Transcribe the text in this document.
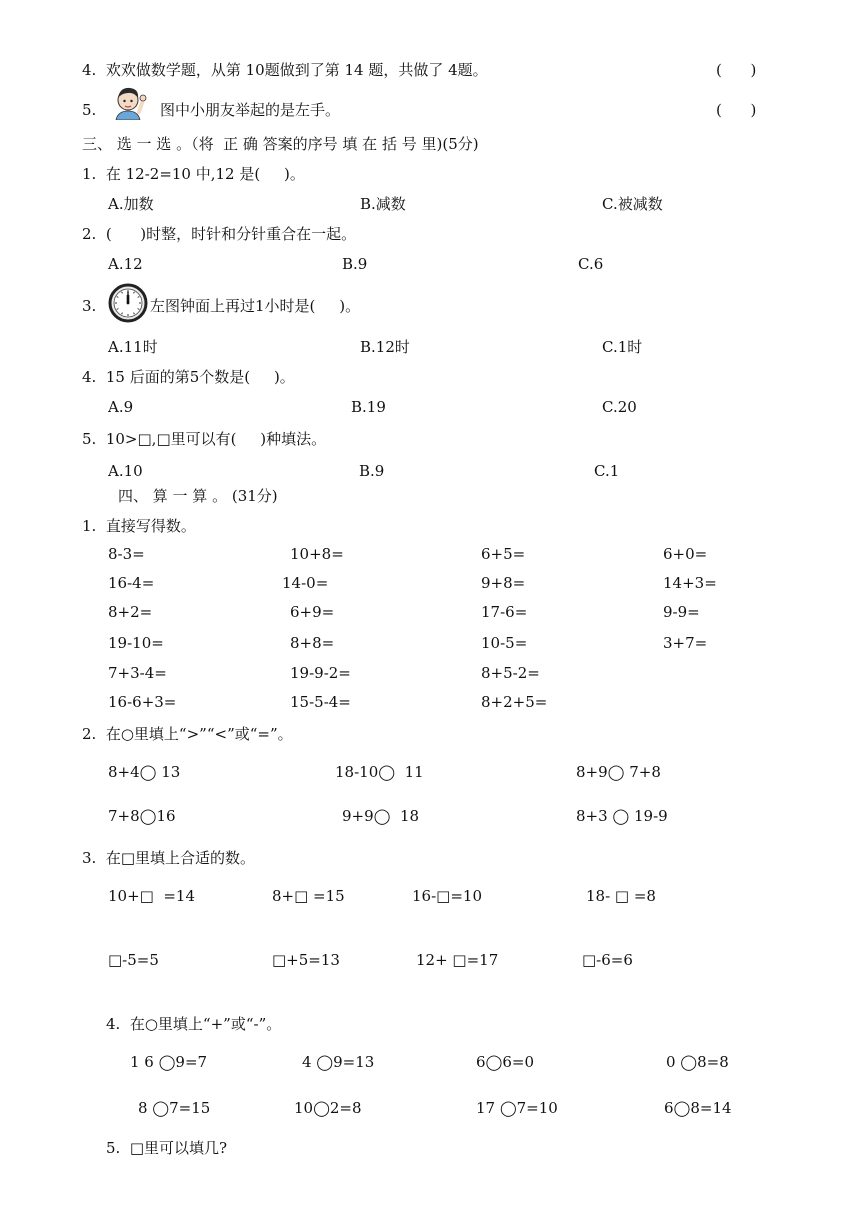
4.  欢欢做数学题，从第 10题做到了第 14 题，共做了 4题。	(      )
5.	图中小朋友举起的是左手。	(      )
三、 选 一 选 。（将  正 确 答案的序号 填 在 括 号 里)(5分)
1.  在 12-2=10 中,12 是(     )。
A.加数	B.减数	C.被减数
2.  (      )时整，时针和分针重合在一起。
A.12	B.9	C.6
3.	左图钟面上再过1小时是(     )。
A.11时	B.12时	C.1时
4.  15 后面的第5个数是(     )。
A.9	B.19	C.20
5.  10>□,□里可以有(     )种填法。
A.10	B.9	C.1
四、 算 一 算 。 (31分)
1.  直接写得数。
8-3=	10+8=	6+5=	6+0=
16-4=	14-0=	9+8=	14+3=
8+2=	6+9=	17-6=	9-9=
19-10=	8+8=	10-5=	3+7=
7+3-4=	19-9-2=	8+5-2=
16-6+3=	15-5-4=	8+2+5=
2.  在○里填上“>”“<”或“=”。
8+4◯ 13	18-10◯  11	8+9◯ 7+8
7+8◯16	9+9◯  18	8+3 ◯ 19-9
3.  在□里填上合适的数。
10+□  =14	8+□ =15	16-□=10	18- □ =8
□-5=5	□+5=13	12+ □=17	□-6=6
4.  在○里填上“+”或“-”。
1 6 ◯9=7	4 ◯9=13	6◯6=0	0 ◯8=8
8 ◯7=15	10◯2=8	17 ◯7=10	6◯8=14
5.  □里可以填几?
